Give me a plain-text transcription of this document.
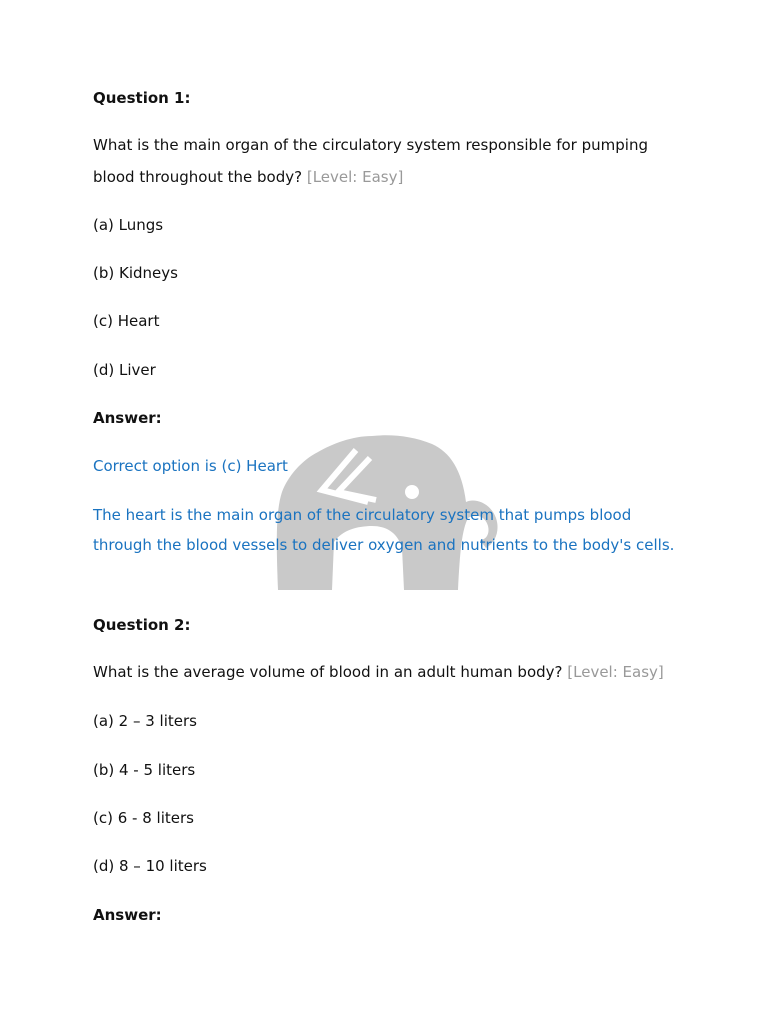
Question 1:
What is the main organ of the circulatory system responsible for pumping
blood throughout the body? [Level: Easy]
(a) Lungs
(b) Kidneys
(c) Heart
(d) Liver
Answer:
Correct option is (c) Heart
The heart is the main organ of the circulatory system that pumps blood
through the blood vessels to deliver oxygen and nutrients to the body's cells.
Question 2:
What is the average volume of blood in an adult human body? [Level: Easy]
(a) 2 – 3 liters
(b) 4 - 5 liters
(c) 6 - 8 liters
(d) 8 – 10 liters
Answer:
